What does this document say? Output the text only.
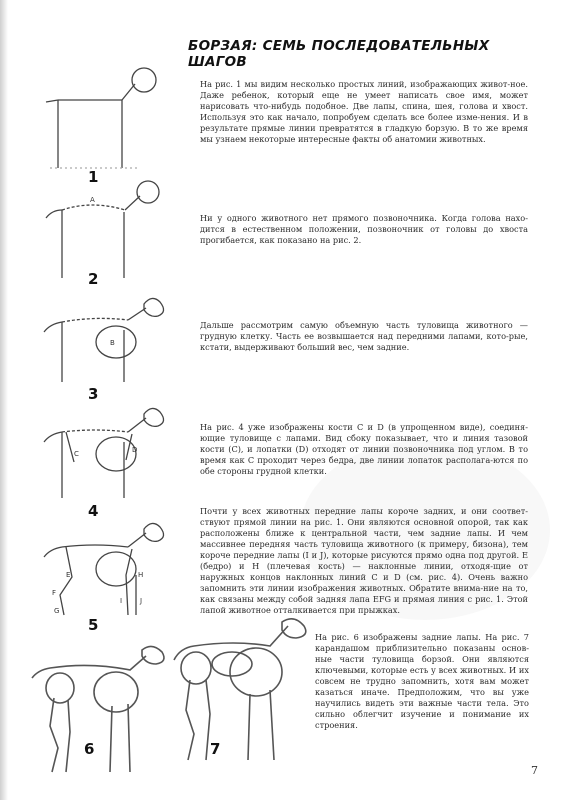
БОРЗАЯ: СЕМЬ ПОСЛЕДОВАТЕЛЬНЫХ ШАГОВ
На рис. 1 мы видим несколько простых линий, изображающих живот-ное. Даже ребенок, который еще не умеет написать свое имя, может нарисовать что-нибудь подобное. Две лапы, спина, шея, голова и хвост. Используя это как начало, попробуем сделать все более изме-нения. И в результате прямые линии превратятся в гладкую борзую. В то же время мы узнаем некоторые интересные факты об анатомии животных.
Ни у одного животного нет прямого позвоночника. Когда голова нахо-дится в естественном положении, позвоночник от головы до хвоста прогибается, как показано на рис. 2.
Дальше рассмотрим самую объемную часть туловища животного — грудную клетку. Часть ее возвышается над передними лапами, кото-рые, кстати, выдерживают больший вес, чем задние.
На рис. 4 уже изображены кости C и D (в упрощенном виде), соединя-ющие туловище с лапами. Вид сбоку показывает, что и линия тазовой кости (C), и лопатки (D) отходят от линии позвоночника под углом. В то время как C проходит через бедра, две линии лопаток располага-ются по обе стороны грудной клетки.
Почти у всех животных передние лапы короче задних, и они соответ-ствуют прямой линии на рис. 1. Они являются основной опорой, так как расположены ближе к центральной части, чем задние лапы. И чем массивнее передняя часть туловища животного (к примеру, бизона), тем короче передние лапы (I и J), которые рисуются прямо одна под другой. E (бедро) и H (плечевая кость) — наклонные линии, отходя-щие от наружных концов наклонных линий C и D (см. рис. 4). Очень важно запомнить эти линии изображения животных. Обратите внима-ние на то, как связаны между собой задняя лапа EFG и прямая линия с рис. 1. Этой лапой животное отталкивается при прыжках.
На рис. 6 изображены задние лапы. На рис. 7 карандашом приблизительно показаны основ-ные части туловища борзой. Они являются ключевыми, которые есть у всех животных. И их совсем не трудно запомнить, хотя вам может казаться иначе. Предположим, что вы уже научились видеть эти важные части тела. Это сильно облегчит изучение и понимание их строения.
1
A
2
B
3
C	D
4
E
F
G
H
I	J
5
6	7
7
